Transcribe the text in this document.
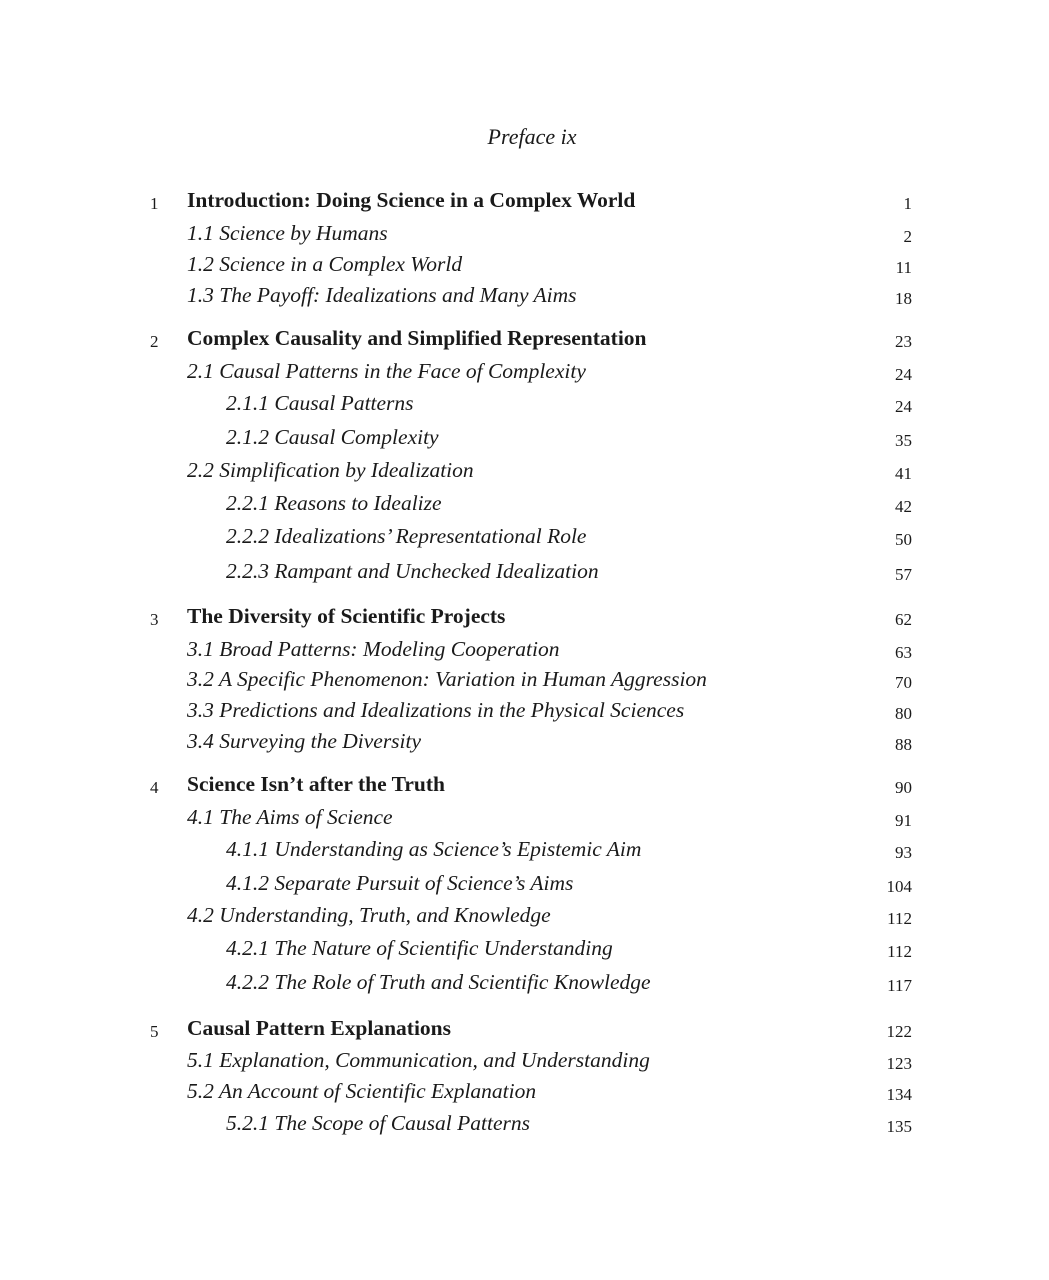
Preface ix
1	Introduction: Doing Science in a Complex World	1
1.1 Science by Humans	2
1.2 Science in a Complex World	11
1.3 The Payoff: Idealizations and Many Aims	18
2	Complex Causality and Simplified Representation	23
2.1 Causal Patterns in the Face of Complexity	24
2.1.1 Causal Patterns	24
2.1.2 Causal Complexity	35
2.2 Simplification by Idealization	41
2.2.1 Reasons to Idealize	42
2.2.2 Idealizations’ Representational Role	50
2.2.3 Rampant and Unchecked Idealization	57
3	The Diversity of Scientific Projects	62
3.1 Broad Patterns: Modeling Cooperation	63
3.2 A Specific Phenomenon: Variation in Human Aggression	70
3.3 Predictions and Idealizations in the Physical Sciences	80
3.4 Surveying the Diversity	88
4	Science Isn’t after the Truth	90
4.1 The Aims of Science	91
4.1.1 Understanding as Science’s Epistemic Aim	93
4.1.2 Separate Pursuit of Science’s Aims	104
4.2 Understanding, Truth, and Knowledge	112
4.2.1 The Nature of Scientific Understanding	112
4.2.2 The Role of Truth and Scientific Knowledge	117
5	Causal Pattern Explanations	122
5.1 Explanation, Communication, and Understanding	123
5.2 An Account of Scientific Explanation	134
5.2.1 The Scope of Causal Patterns	135
